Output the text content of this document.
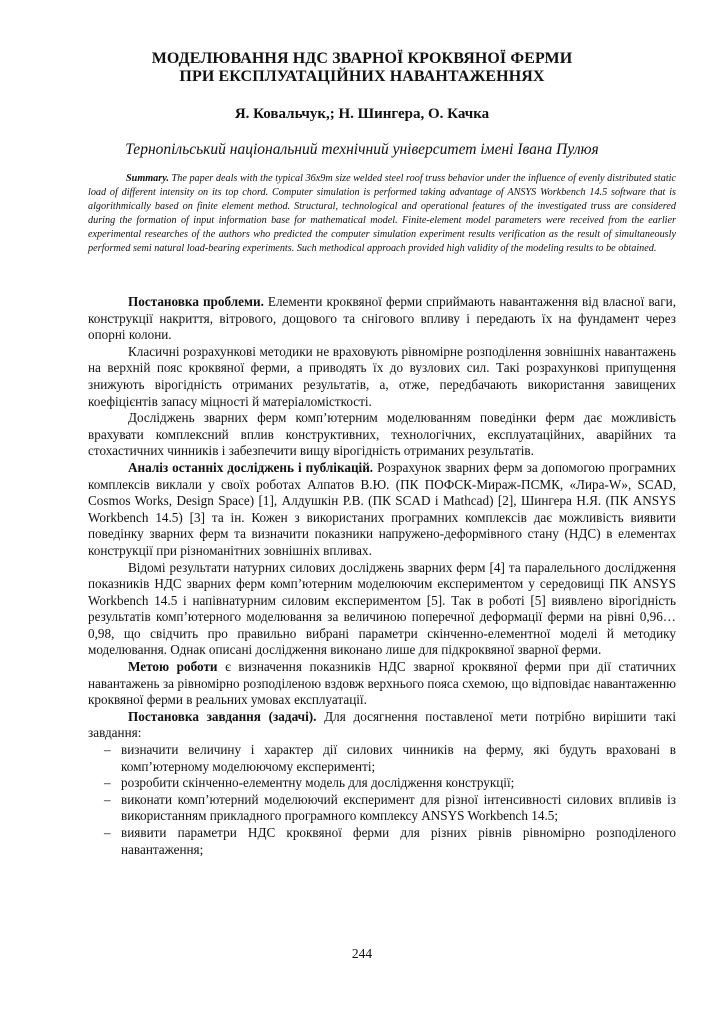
МОДЕЛЮВАННЯ НДС ЗВАРНОЇ КРОКВЯНОЇ ФЕРМИ
ПРИ ЕКСПЛУАТАЦІЙНИХ НАВАНТАЖЕННЯХ
Я. Ковальчук,; Н. Шингера, О. Качка
Тернопільський національний технічний університет імені Івана Пулюя
Summary. The paper deals with the typical 36x9m size welded steel roof truss behavior under the influence of evenly distributed static load of different intensity on its top chord. Computer simulation is performed taking advantage of ANSYS Workbench 14.5 software that is algorithmically based on finite element method. Structural, technological and operational features of the investigated truss are considered during the formation of input information base for mathematical model. Finite-element model parameters were received from the earlier experimental researches of the authors who predicted the computer simulation experiment results verification as the result of simultaneously performed semi natural load-bearing experiments. Such methodical approach provided high validity of the modeling results to be obtained.

Постановка проблеми. Елементи кроквяної ферми сприймають навантаження від власної ваги, конструкції накриття, вітрового, дощового та снігового впливу і передають їх на фундамент через опорні колони.

Класичні розрахункові методики не враховують рівномірне розподілення зовнішніх навантажень на верхній пояс кроквяної ферми, а приводять їх до вузлових сил. Такі розрахункові припущення знижують вірогідність отриманих результатів, а, отже, передбачають використання завищених коефіцієнтів запасу міцності й матеріаломісткості.

Дослiджень зварних ферм комп’ютерним моделюванням поведiнки ферм дає можливість врахувати комплексний вплив конструктивних, технологічних, експлуатаційних, аварійних та стохастичних чинників і забезпечити вищу вірогідність отриманих результатів.

Аналіз останніх досліджень і публікацій. Розрахунок зварних ферм за допомогою програмних комплексів виклали у своїх роботах Алпатов В.Ю. (ПК ПОФСК-Мираж-ПСМК, «Лира-W», SCAD, Cosmos Works, Design Space) [1], Алдушкін Р.В. (ПК SCAD і Mathcad) [2], Шингера Н.Я. (ПК ANSYS Workbench 14.5) [3] та ін. Кожен з використаних програмних комплексів дає можливість виявити поведінку зварних ферм та визначити показники напружено-деформівного стану (НДС) в елементах конструкції при різноманітних зовнішніх впливах.

Відомі результати натурних силових досліджень зварних ферм [4] та паралельного дослідження показників НДС зварних ферм комп’ютерним моделюючим експериментом у середовищі ПК ANSYS Workbench 14.5 і напівнатурним силовим експериментом [5]. Так в роботі [5] виявлено вірогідність результатів комп’ютерного моделювання за величиною поперечної деформації ферми на рівні 0,96…0,98, що свідчить про правильно вибрані параметри скінченно-елементної моделі й методику моделювання. Однак описані дослідження виконано лише для підкроквяної зварної ферми.

Метою роботи є визначення показників НДС зварної кроквяної ферми при дії статичних навантажень за рівномірно розподіленою вздовж верхнього пояса схемою, що відповідає навантаженню кроквяної ферми в реальних умовах експлуатації.

Постановка завдання (задачі). Для досягнення поставленої мети потрібно вирішити такі завдання:

– визначити величину і характер дії силових чинників на ферму, які будуть враховані в комп’ютерному моделюючому експерименті;
– розробити скінченно-елементну модель для дослідження конструкції;
– виконати комп’ютерний моделюючий експеримент для різної інтенсивності силових впливів із використанням прикладного програмного комплексу ANSYS Workbench 14.5;
– виявити параметри НДС кроквяної ферми для різних рівнів рівномірно розподіленого навантаження;
244
